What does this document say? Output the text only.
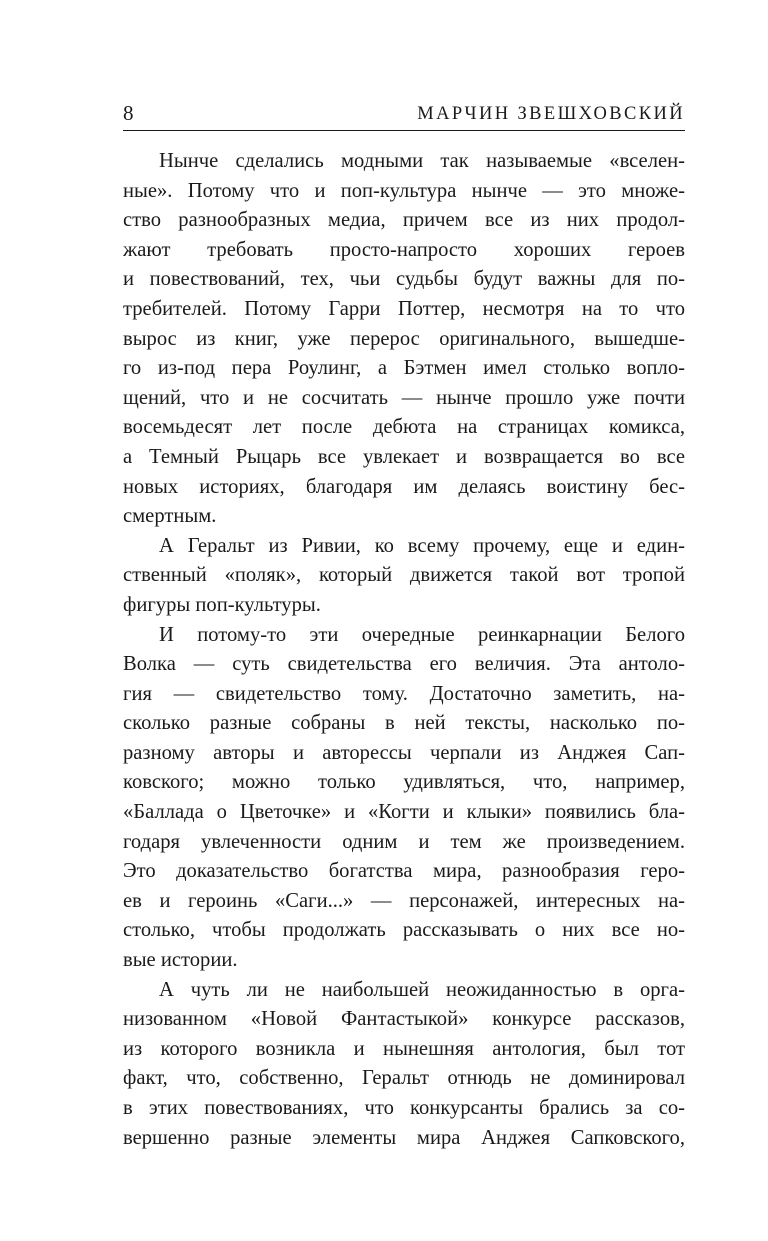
8	МАРЧИН ЗВЕШХОВСКИЙ

Нынче сделались модными так называемые «вселен-
ные». Потому что и поп-культура нынче — это множе-
ство разнообразных медиа, причем все из них продол-
жают требовать просто-напросто хороших героев
и повествований, тех, чьи судьбы будут важны для по-
требителей. Потому Гарри Поттер, несмотря на то что
вырос из книг, уже перерос оригинального, вышедше-
го из-под пера Роулинг, а Бэтмен имел столько вопло-
щений, что и не сосчитать — нынче прошло уже почти
восемьдесят лет после дебюта на страницах комикса,
а Темный Рыцарь все увлекает и возвращается во все
новых историях, благодаря им делаясь воистину бес-
смертным.

А Геральт из Ривии, ко всему прочему, еще и един-
ственный «поляк», который движется такой вот тропой
фигуры поп-культуры.

И потому-то эти очередные реинкарнации Белого
Волка — суть свидетельства его величия. Эта антоло-
гия — свидетельство тому. Достаточно заметить, на-
сколько разные собраны в ней тексты, насколько по-
разному авторы и авторессы черпали из Анджея Сап-
ковского; можно только удивляться, что, например,
«Баллада о Цветочке» и «Когти и клыки» появились бла-
годаря увлеченности одним и тем же произведением.
Это доказательство богатства мира, разнообразия геро-
ев и героинь «Саги...» — персонажей, интересных на-
столько, чтобы продолжать рассказывать о них все но-
вые истории.

А чуть ли не наибольшей неожиданностью в орга-
низованном «Новой Фантастыкой» конкурсе рассказов,
из которого возникла и нынешняя антология, был тот
факт, что, собственно, Геральт отнюдь не доминировал
в этих повествованиях, что конкурсанты брались за со-
вершенно разные элементы мира Анджея Сапковского,
